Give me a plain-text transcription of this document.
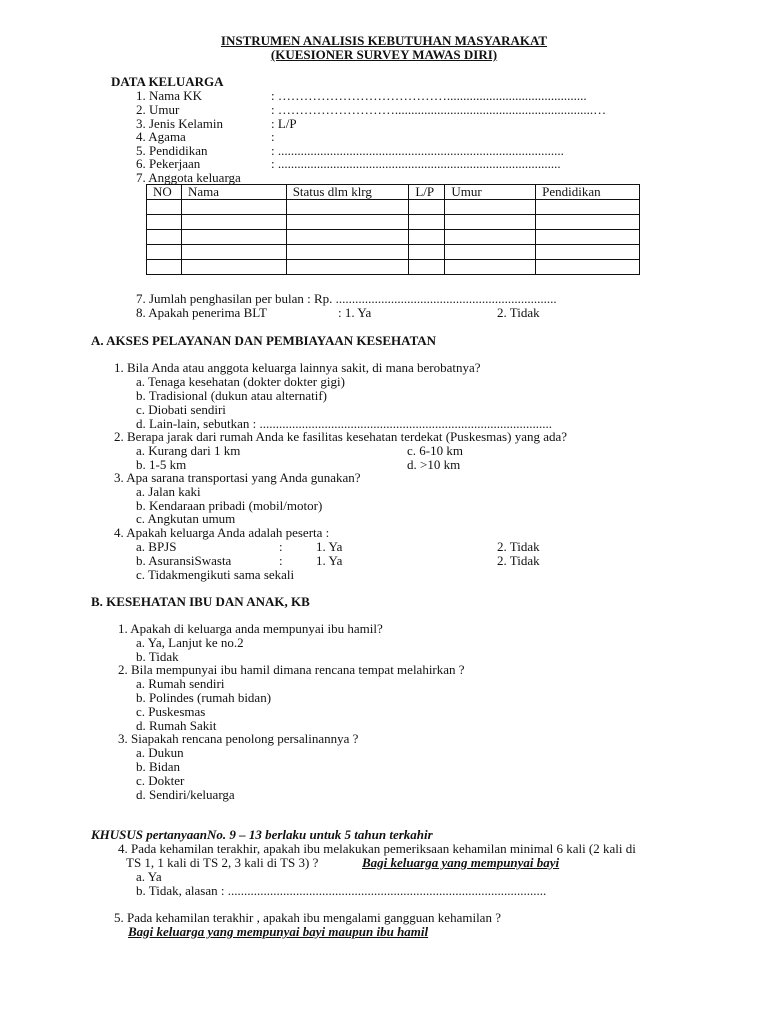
INSTRUMEN ANALISIS KEBUTUHAN MASYARAKAT
(KUESIONER SURVEY MAWAS DIRI)
DATA KELUARGA
1. Nama KK	: …………………………………...........................................
2. Umur	: ……………………….............................................................…
3. Jenis Kelamin	: L/P
4. Agama	:
5. Pendidikan	: ........................................................................................
6. Pekerjaan	: .......................................................................................
7. Anggota keluarga
NO	Nama	Status dlm klrg	L/P	Umur	Pendidikan

7. Jumlah penghasilan per bulan : Rp. ....................................................................
8. Apakah penerima BLT	: 1. Ya	2. Tidak
A. AKSES PELAYANAN DAN PEMBIAYAAN KESEHATAN
1. Bila Anda atau anggota keluarga lainnya sakit, di mana berobatnya?
a. Tenaga kesehatan (dokter dokter gigi)
b. Tradisional (dukun atau alternatif)
c. Diobati sendiri
d. Lain-lain, sebutkan : ..........................................................................................
2. Berapa jarak dari rumah Anda ke fasilitas kesehatan terdekat (Puskesmas) yang ada?
a. Kurang dari 1 km	c. 6-10 km
b. 1-5 km	d. >10 km
3. Apa sarana transportasi yang Anda gunakan?
a. Jalan kaki
b. Kendaraan pribadi (mobil/motor)
c. Angkutan umum
4. Apakah keluarga Anda adalah peserta :
a. BPJS	:	1. Ya	2. Tidak
b. AsuransiSwasta	:	1. Ya	2. Tidak
c. Tidakmengikuti sama sekali
B. KESEHATAN IBU DAN ANAK, KB
1. Apakah di keluarga anda mempunyai ibu hamil?
a. Ya, Lanjut ke no.2
b. Tidak
2. Bila mempunyai ibu hamil dimana rencana tempat melahirkan ?
a. Rumah sendiri
b. Polindes (rumah bidan)
c. Puskesmas
d. Rumah Sakit
3. Siapakah rencana penolong persalinannya ?
a. Dukun
b. Bidan
c. Dokter
d. Sendiri/keluarga
KHUSUS pertanyaanNo. 9 – 13 berlaku untuk 5 tahun terkahir
4. Pada kehamilan terakhir, apakah ibu melakukan pemeriksaan kehamilan minimal 6 kali (2 kali di
TS 1, 1 kali di TS 2, 3 kali di TS 3) ?	Bagi keluarga yang mempunyai bayi
a. Ya
b. Tidak, alasan : ..................................................................................................
5. Pada kehamilan terakhir , apakah ibu mengalami gangguan kehamilan ?
Bagi keluarga yang mempunyai bayi maupun ibu hamil
